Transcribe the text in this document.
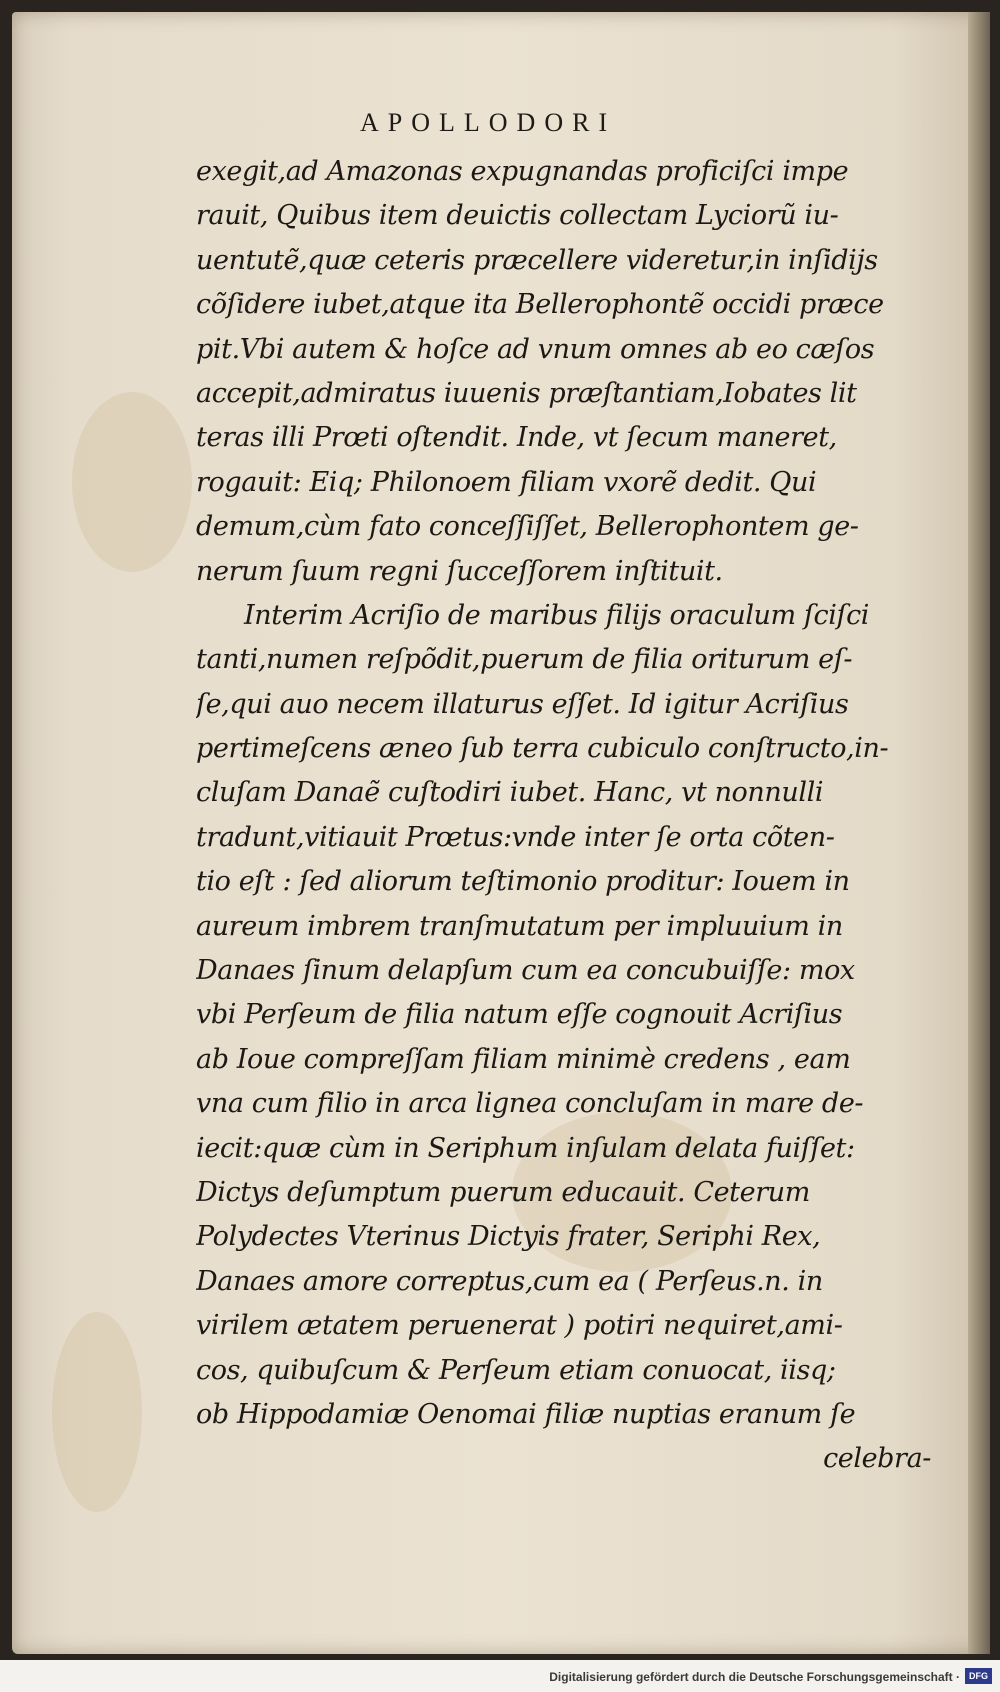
APOLLODORI
exegit,ad Amazonas expugnandas proficiſci impe
rauit, Quibus item deuictis collectam Lyciorũ iu-
uentutẽ,quæ ceteris præcellere videretur,in inſidijs
cõſidere iubet,atque ita Bellerophontẽ occidi præce
pit.Vbi autem & hoſce ad vnum omnes ab eo cæſos
accepit,admiratus iuuenis præſtantiam,Iobates lit
teras illi Prœti oſtendit. Inde, vt ſecum maneret,
rogauit: Eiq; Philonoem filiam vxorẽ dedit. Qui
demum,cùm fato conceſſiſſet, Bellerophontem ge-
nerum ſuum regni ſucceſſorem inſtituit.
Interim Acriſio de maribus filijs oraculum ſciſci
tanti,numen reſpõdit,puerum de filia oriturum eſ-
ſe,qui auo necem illaturus eſſet. Id igitur Acriſius
pertimeſcens æneo ſub terra cubiculo conſtructo,in-
cluſam Danaẽ cuſtodiri iubet. Hanc, vt nonnulli
tradunt,vitiauit Prœtus:vnde inter ſe orta cõten-
tio eſt : ſed aliorum teſtimonio proditur: Iouem in
aureum imbrem tranſmutatum per impluuium in
Danaes ſinum delapſum cum ea concubuiſſe: mox
vbi Perſeum de filia natum eſſe cognouit Acriſius
ab Ioue compreſſam filiam minimè credens , eam
vna cum filio in arca lignea concluſam in mare de-
iecit:quæ cùm in Seriphum inſulam delata fuiſſet:
Dictys deſumptum puerum educauit. Ceterum
Polydectes Vterinus Dictyis frater, Seriphi Rex,
Danaes amore correptus,cum ea ( Perſeus.n. in
virilem ætatem peruenerat ) potiri nequiret,ami-
cos, quibuſcum & Perſeum etiam conuocat, iisq;
ob Hippodamiæ Oenomai filiæ nuptias eranum ſe
celebra-
Digitalisierung gefördert durch die Deutsche Forschungsgemeinschaft ·	DFG
